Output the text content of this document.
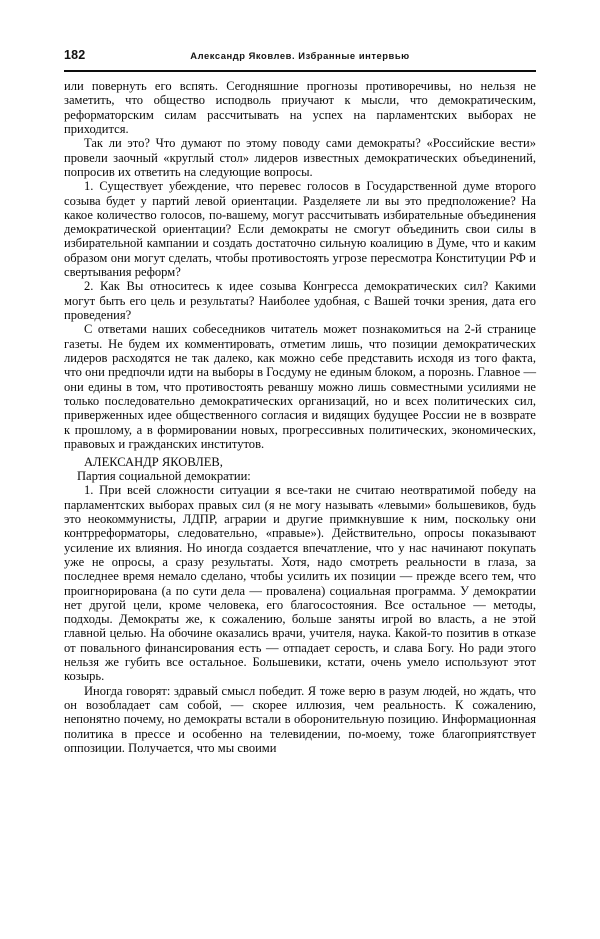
182	Александр Яковлев. Избранные интервью

или повернуть его вспять. Сегодняшние прогнозы противоречивы, но нельзя не заметить, что общество исподволь приучают к мысли, что демократическим, реформаторским силам рассчитывать на успех на парламентских выборах не приходится.

Так ли это? Что думают по этому поводу сами демократы? «Российские вести» провели заочный «круглый стол» лидеров известных демократических объединений, попросив их ответить на следующие вопросы.

1. Существует убеждение, что перевес голосов в Государственной думе второго созыва будет у партий левой ориентации. Разделяете ли вы это предположение? На какое количество голосов, по-вашему, могут рассчитывать избирательные объединения демократической ориентации? Если демократы не смогут объединить свои силы в избирательной кампании и создать достаточно сильную коалицию в Думе, что и каким образом они могут сделать, чтобы противостоять угрозе пересмотра Конституции РФ и свертывания реформ?

2. Как Вы относитесь к идее созыва Конгресса демократических сил? Какими могут быть его цель и результаты? Наиболее удобная, с Вашей точки зрения, дата его проведения?

С ответами наших собеседников читатель может познакомиться на 2-й странице газеты. Не будем их комментировать, отметим лишь, что позиции демократических лидеров расходятся не так далеко, как можно себе представить исходя из того факта, что они предпочли идти на выборы в Госдуму не единым блоком, а порознь. Главное — они едины в том, что противостоять реваншу можно лишь совместными усилиями не только последовательно демократических организаций, но и всех политических сил, приверженных идее общественного согласия и видящих будущее России не в возврате к прошлому, а в формировании новых, прогрессивных политических, экономических, правовых и гражданских институтов.

АЛЕКСАНДР ЯКОВЛЕВ,

Партия социальной демократии:

1. При всей сложности ситуации я все-таки не считаю неотвратимой победу на парламентских выборах правых сил (я не могу называть «левыми» большевиков, будь это неокоммунисты, ЛДПР, аграрии и другие примкнувшие к ним, поскольку они контрреформаторы, следовательно, «правые»). Действительно, опросы показывают усиление их влияния. Но иногда создается впечатление, что у нас начинают покупать уже не опросы, а сразу результаты. Хотя, надо смотреть реальности в глаза, за последнее время немало сделано, чтобы усилить их позиции — прежде всего тем, что проигнорирована (а по сути дела — провалена) социальная программа. У демократии нет другой цели, кроме человека, его благосостояния. Все остальное — методы, подходы. Демократы же, к сожалению, больше заняты игрой во власть, а не этой главной целью. На обочине оказались врачи, учителя, наука. Какой-то позитив в отказе от повального финансирования есть — отпадает серость, и слава Богу. Но ради этого нельзя же губить все остальное. Большевики, кстати, очень умело используют этот козырь.

Иногда говорят: здравый смысл победит. Я тоже верю в разум людей, но ждать, что он возобладает сам собой, — скорее иллюзия, чем реальность. К сожалению, непонятно почему, но демократы встали в оборонительную позицию. Информационная политика в прессе и особенно на телевидении, по-моему, тоже благоприятствует оппозиции. Получается, что мы своими
